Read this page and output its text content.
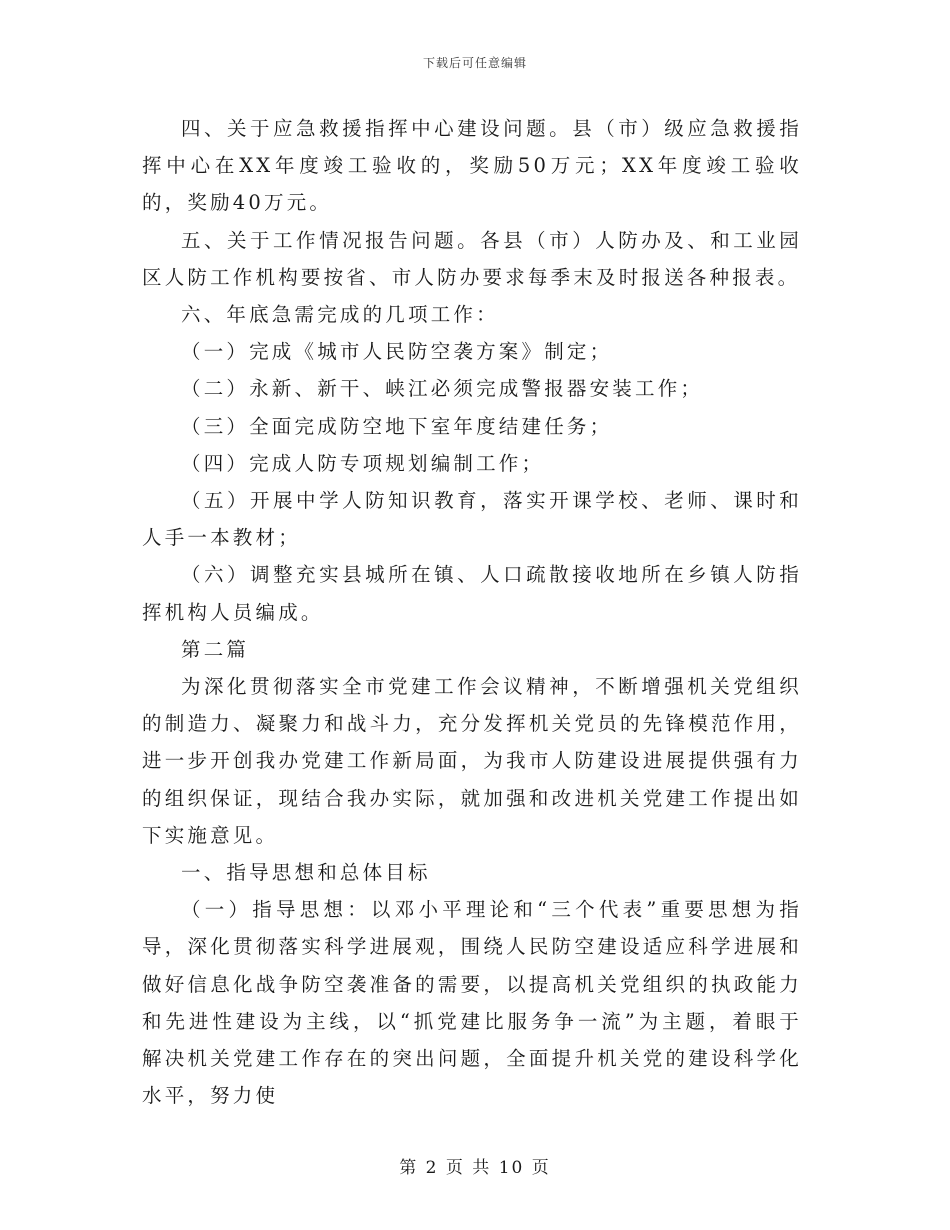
下载后可任意编辑

四、关于应急救援指挥中心建设问题。县（市）级应急救援指挥中心在XX年度竣工验收的，奖励50万元；XX年度竣工验收的，奖励40万元。

五、关于工作情况报告问题。各县（市）人防办及、和工业园区人防工作机构要按省、市人防办要求每季末及时报送各种报表。

六、年底急需完成的几项工作：

（一）完成《城市人民防空袭方案》制定；

（二）永新、新干、峡江必须完成警报器安装工作；

（三）全面完成防空地下室年度结建任务；

（四）完成人防专项规划编制工作；

（五）开展中学人防知识教育，落实开课学校、老师、课时和人手一本教材；

（六）调整充实县城所在镇、人口疏散接收地所在乡镇人防指挥机构人员编成。

第二篇

为深化贯彻落实全市党建工作会议精神，不断增强机关党组织的制造力、凝聚力和战斗力，充分发挥机关党员的先锋模范作用，进一步开创我办党建工作新局面，为我市人防建设进展提供强有力的组织保证，现结合我办实际，就加强和改进机关党建工作提出如下实施意见。

一、指导思想和总体目标

（一）指导思想：以邓小平理论和“三个代表”重要思想为指导，深化贯彻落实科学进展观，围绕人民防空建设适应科学进展和做好信息化战争防空袭准备的需要，以提高机关党组织的执政能力和先进性建设为主线，以“抓党建比服务争一流”为主题，着眼于解决机关党建工作存在的突出问题，全面提升机关党的建设科学化水平，努力使

第 2 页 共 10 页
